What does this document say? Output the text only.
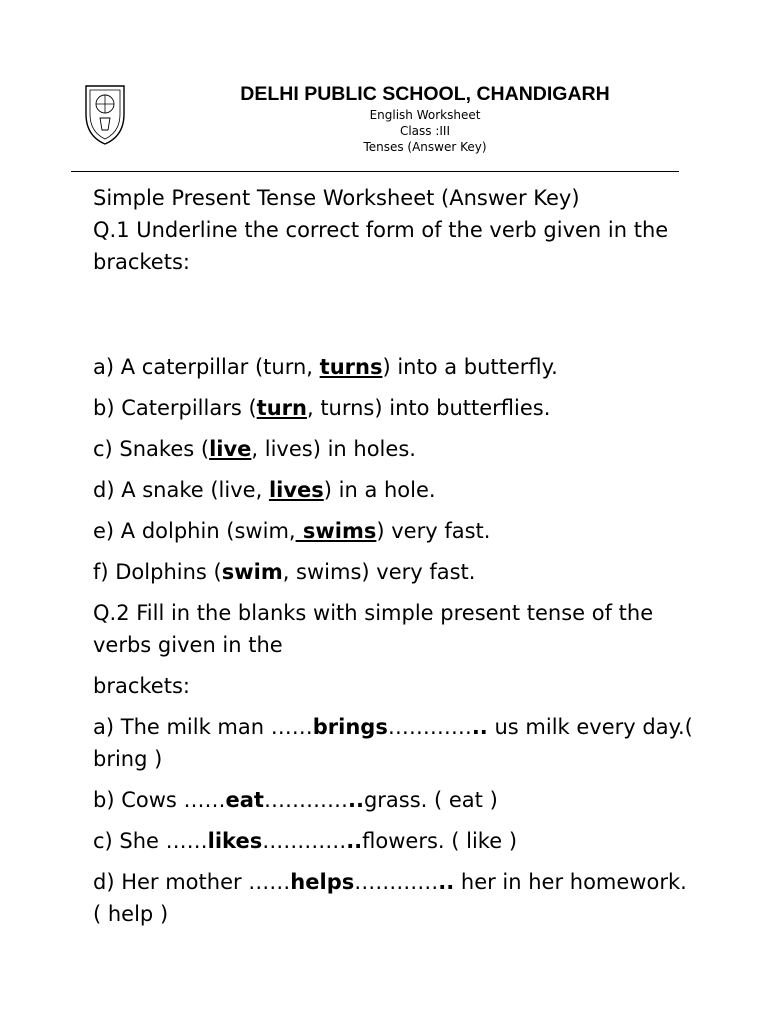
DELHI PUBLIC SCHOOL, CHANDIGARH
English Worksheet
Class :III
Tenses (Answer Key)

Simple Present Tense Worksheet (Answer Key)

Q.1 Underline the correct form of the verb given in the brackets:

a) A caterpillar (turn, turns) into a butterfly.

b) Caterpillars (turn, turns) into butterflies.

c) Snakes (live, lives) in holes.

d) A snake (live, lives) in a hole.

e) A dolphin (swim, swims) very fast.

f) Dolphins (swim, swims) very fast.

Q.2 Fill in the blanks with simple present tense of the verbs given in the

brackets:

a) The milk man ……brings………….. us milk every day.( bring )

b) Cows ……eat…………..grass. ( eat )

c) She ……likes…………..flowers. ( like )

d) Her mother ……helps………….. her in her homework. ( help )
